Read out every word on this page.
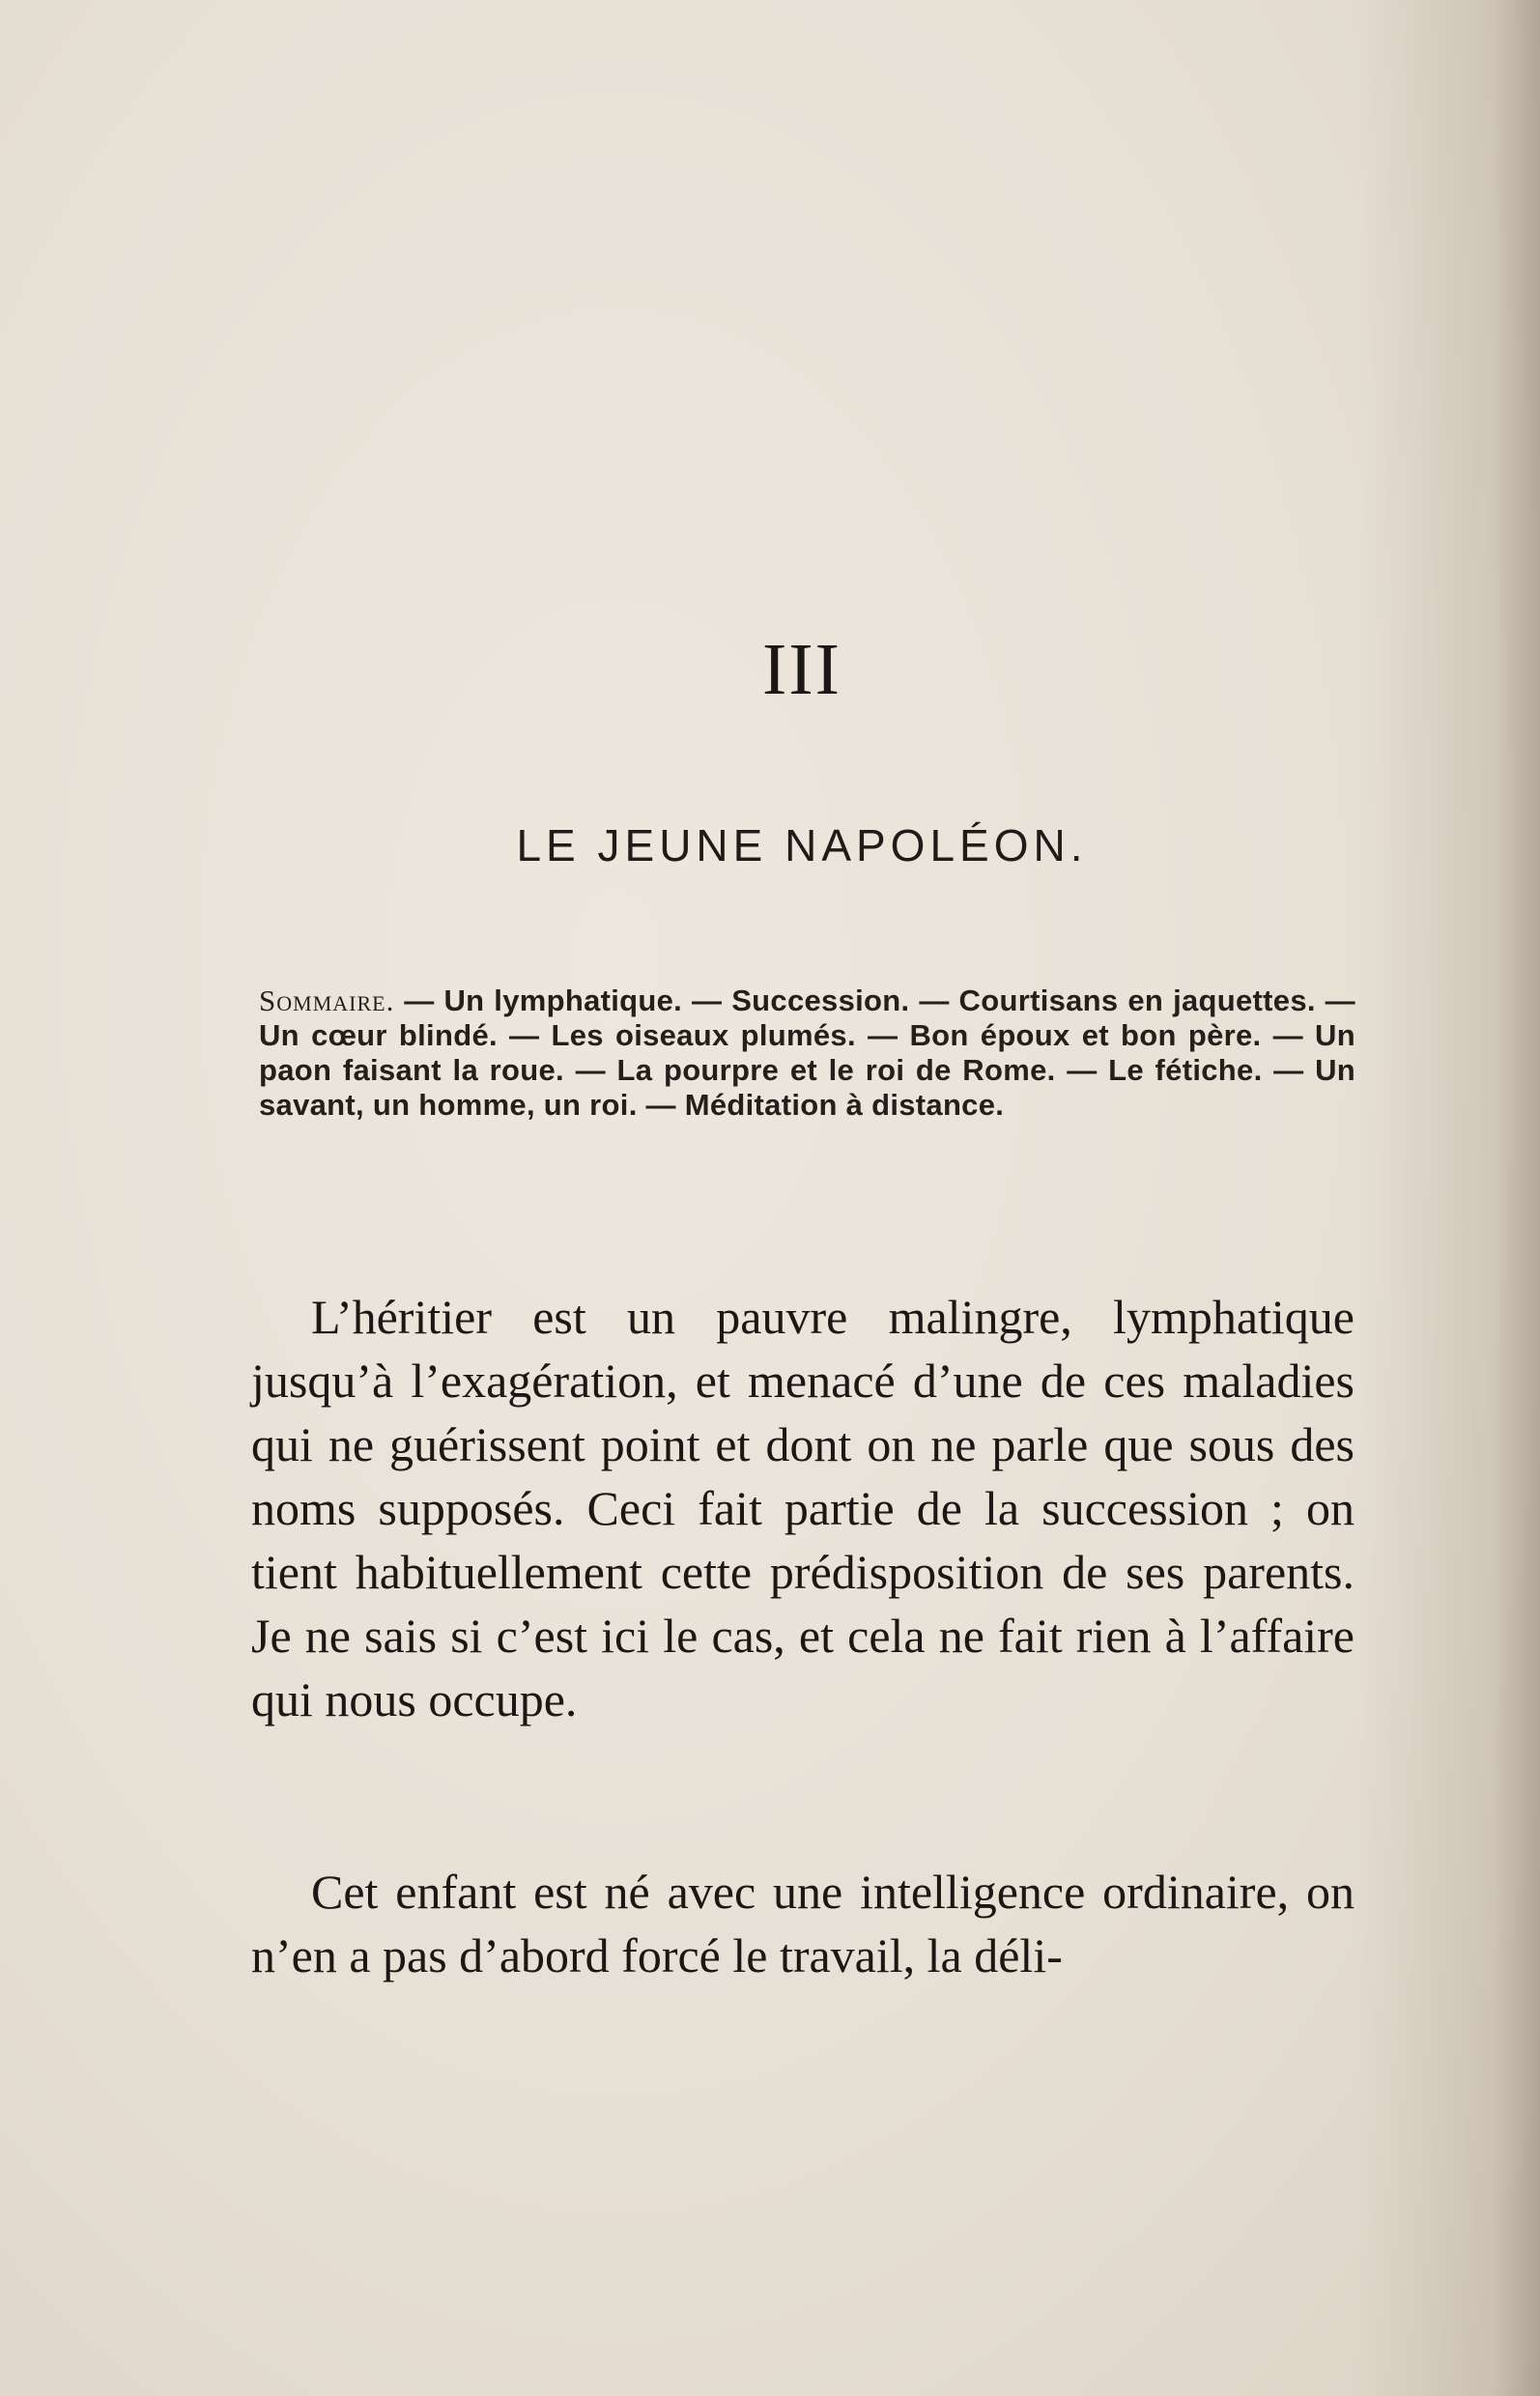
III
LE JEUNE NAPOLÉON.
Sommaire. — Un lymphatique. — Succession. — Courtisans en jaquettes. — Un cœur blindé. — Les oiseaux plumés. — Bon époux et bon père. — Un paon faisant la roue. — La pourpre et le roi de Rome. — Le fétiche. — Un savant, un homme, un roi. — Méditation à distance.

L’héritier est un pauvre malingre, lymphatique jusqu’à l’exagération, et menacé d’une de ces maladies qui ne guérissent point et dont on ne parle que sous des noms supposés. Ceci fait partie de la succession ; on tient habituellement cette prédisposition de ses parents. Je ne sais si c’est ici le cas, et cela ne fait rien à l’affaire qui nous occupe.

Cet enfant est né avec une intelligence ordinaire, on n’en a pas d’abord forcé le travail, la déli-
